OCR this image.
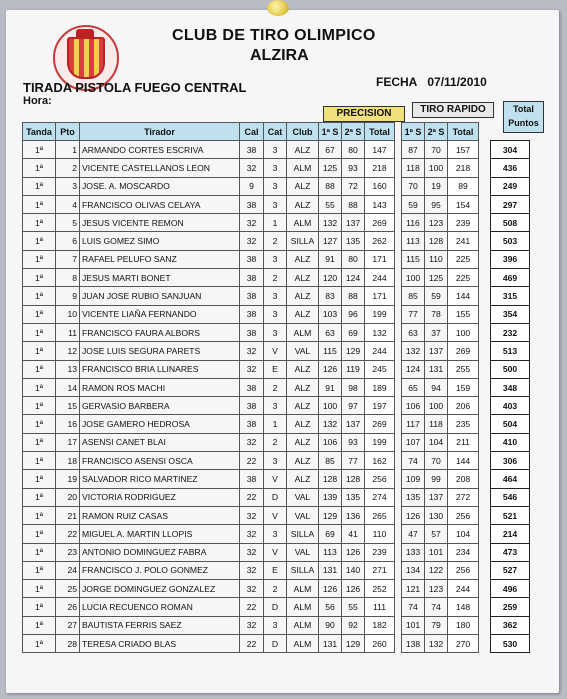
CLUB DE TIRO OLIMPICO
ALZIRA
TIRADA PISTOLA FUEGO CENTRAL
Hora:
FECHA 07/11/2010
PRECISION	TIRO RAPIDO	Total
Puntos
Tanda	Pto	Tirador	Cal	Cat	Club	1ª S	2ª S	Total		1ª S	2ª S	Total		
1ª	1	ARMANDO CORTES ESCRIVA	38	3	ALZ	67	80	147		87	70	157		304
1ª	2	VICENTE CASTELLANOS LEON	32	3	ALM	125	93	218		118	100	218		436
1ª	3	JOSE. A. MOSCARDO	9	3	ALZ	88	72	160		70	19	89		249
1ª	4	FRANCISCO OLIVAS CELAYA	38	3	ALZ	55	88	143		59	95	154		297
1ª	5	JESUS VICENTE REMON	32	1	ALM	132	137	269		116	123	239		508
1ª	6	LUIS GOMEZ SIMO	32	2	SILLA	127	135	262		113	128	241		503
1ª	7	RAFAEL PELUFO SANZ	38	3	ALZ	91	80	171		115	110	225		396
1ª	8	JESUS MARTI BONET	38	2	ALZ	120	124	244		100	125	225		469
1ª	9	JUAN JOSE RUBIO SANJUAN	38	3	ALZ	83	88	171		85	59	144		315
1ª	10	VICENTE LIAÑA FERNANDO	38	3	ALZ	103	96	199		77	78	155		354
1ª	11	FRANCISCO FAURA ALBORS	38	3	ALM	63	69	132		63	37	100		232
1ª	12	JOSE LUIS SEGURA PARETS	32	V	VAL	115	129	244		132	137	269		513
1ª	13	FRANCISCO BRIA LLINARES	32	E	ALZ	126	119	245		124	131	255		500
1ª	14	RAMON ROS MACHI	38	2	ALZ	91	98	189		65	94	159		348
1ª	15	GERVASIO BARBERA	38	3	ALZ	100	97	197		106	100	206		403
1ª	16	JOSE GAMERO HEDROSA	38	1	ALZ	132	137	269		117	118	235		504
1ª	17	ASENSI CANET BLAI	32	2	ALZ	106	93	199		107	104	211		410
1ª	18	FRANCISCO ASENSI OSCA	22	3	ALZ	85	77	162		74	70	144		306
1ª	19	SALVADOR RICO MARTINEZ	38	V	ALZ	128	128	256		109	99	208		464
1ª	20	VICTORIA RODRIGUEZ	22	D	VAL	139	135	274		135	137	272		546
1ª	21	RAMON RUIZ CASAS	32	V	VAL	129	136	265		126	130	256		521
1ª	22	MIGUEL A. MARTIN LLOPIS	32	3	SILLA	69	41	110		47	57	104		214
1ª	23	ANTONIO DOMINGUEZ FABRA	32	V	VAL	113	126	239		133	101	234		473
1ª	24	FRANCISCO J. POLO GONMEZ	32	E	SILLA	131	140	271		134	122	256		527
1ª	25	JORGE DOMINGUEZ GONZALEZ	32	2	ALM	126	126	252		121	123	244		496
1ª	26	LUCIA RECUENCO ROMAN	22	D	ALM	56	55	111		74	74	148		259
1ª	27	BAUTISTA FERRIS SAEZ	32	3	ALM	90	92	182		101	79	180		362
1ª	28	TERESA CRIADO BLAS	22	D	ALM	131	129	260		138	132	270		530
